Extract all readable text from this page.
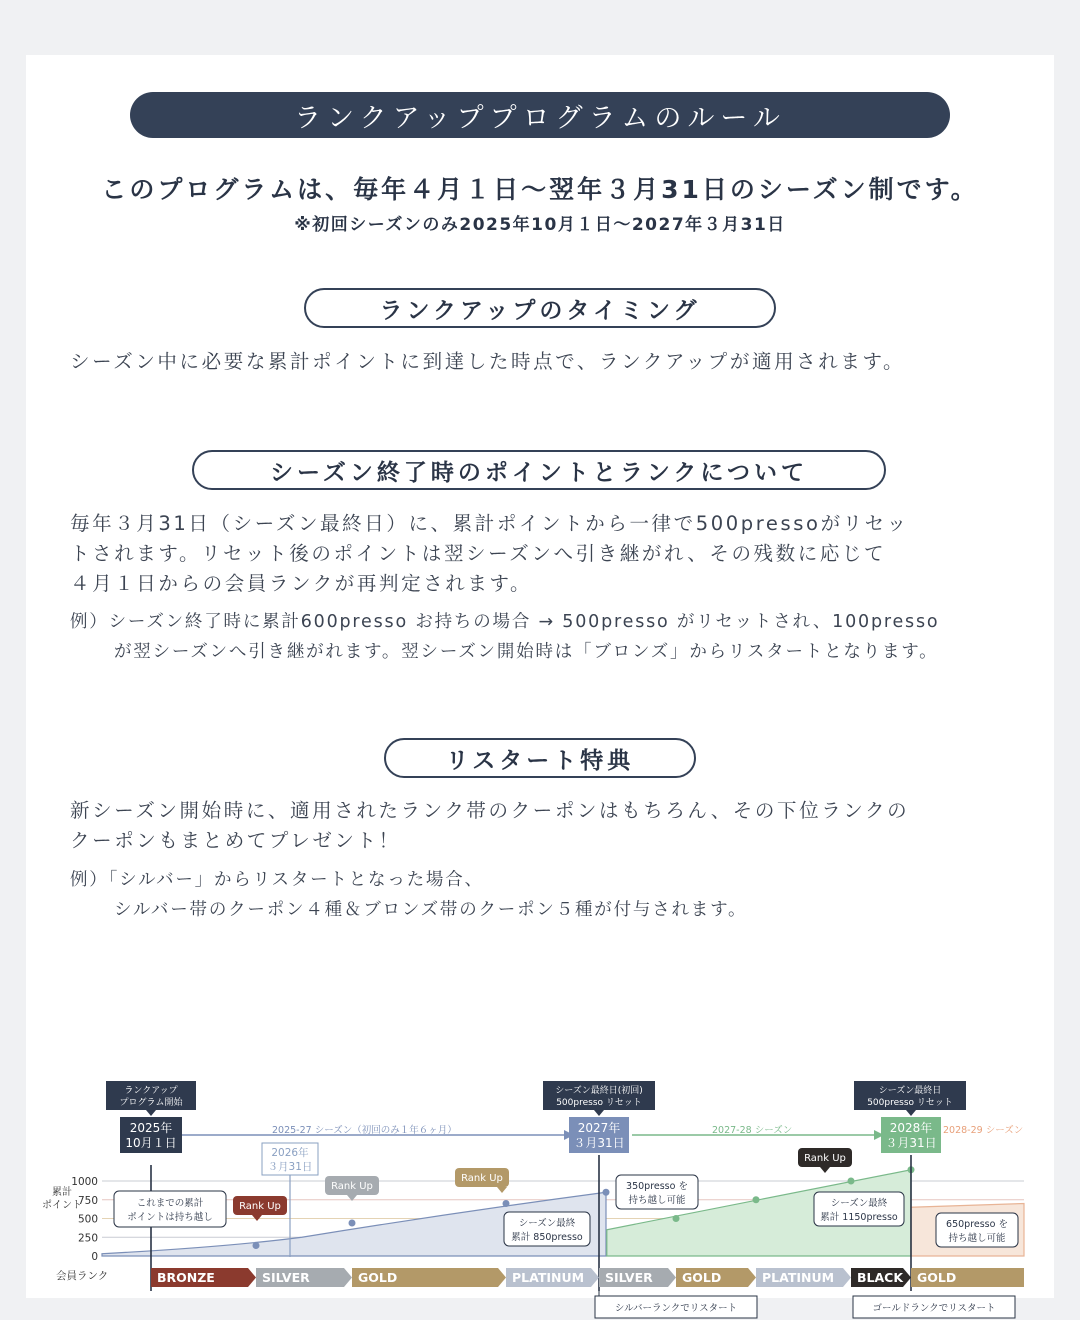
ランクアッププログラムのルール
このプログラムは、毎年４月１日～翌年３月31日のシーズン制です。
※初回シーズンのみ2025年10月１日～2027年３月31日
ランクアップのタイミング
シーズン中に必要な累計ポイントに到達した時点で、ランクアップが適用されます。
シーズン終了時のポイントとランクについて
毎年３月31日（シーズン最終日）に、累計ポイントから一律で500pressoがリセッ
トされます。リセット後のポイントは翌シーズンへ引き継がれ、その残数に応じて
４月１日からの会員ランクが再判定されます。
例）シーズン終了時に累計600presso お持ちの場合 → 500presso がリセットされ、100presso
が翌シーズンへ引き継がれます。翌シーズン開始時は「ブロンズ」からリスタートとなります。
リスタート特典
新シーズン開始時に、適用されたランク帯のクーポンはもちろん、その下位ランクの
クーポンもまとめてプレゼント！
例）「シルバー」からリスタートとなった場合、
シルバー帯のクーポン４種＆ブロンズ帯のクーポン５種が付与されます。
1000
750
500
250
0
累計
ポイント
会員ランク
2025-27 シーズン（初回のみ１年６ヶ月）	2027-28 シーズン	2028-29 シーズン
ランクアップ
プログラム開始
2025年
10月１日
2026年
３月31日
シーズン最終日(初回)
500presso リセット
2027年
３月31日
シーズン最終日
500presso リセット
2028年
３月31日
Rank Up
Rank Up
Rank Up
Rank Up
これまでの累計
ポイントは持ち越し
シーズン最終
累計 850presso
350presso を
持ち越し可能	シーズン最終
累計 1150presso
650presso を
持ち越し可能
BRONZE	SILVER	GOLD	PLATINUM SILVER GOLD	PLATINUM BLACK GOLD
シルバーランクでリスタート	ゴールドランクでリスタート
